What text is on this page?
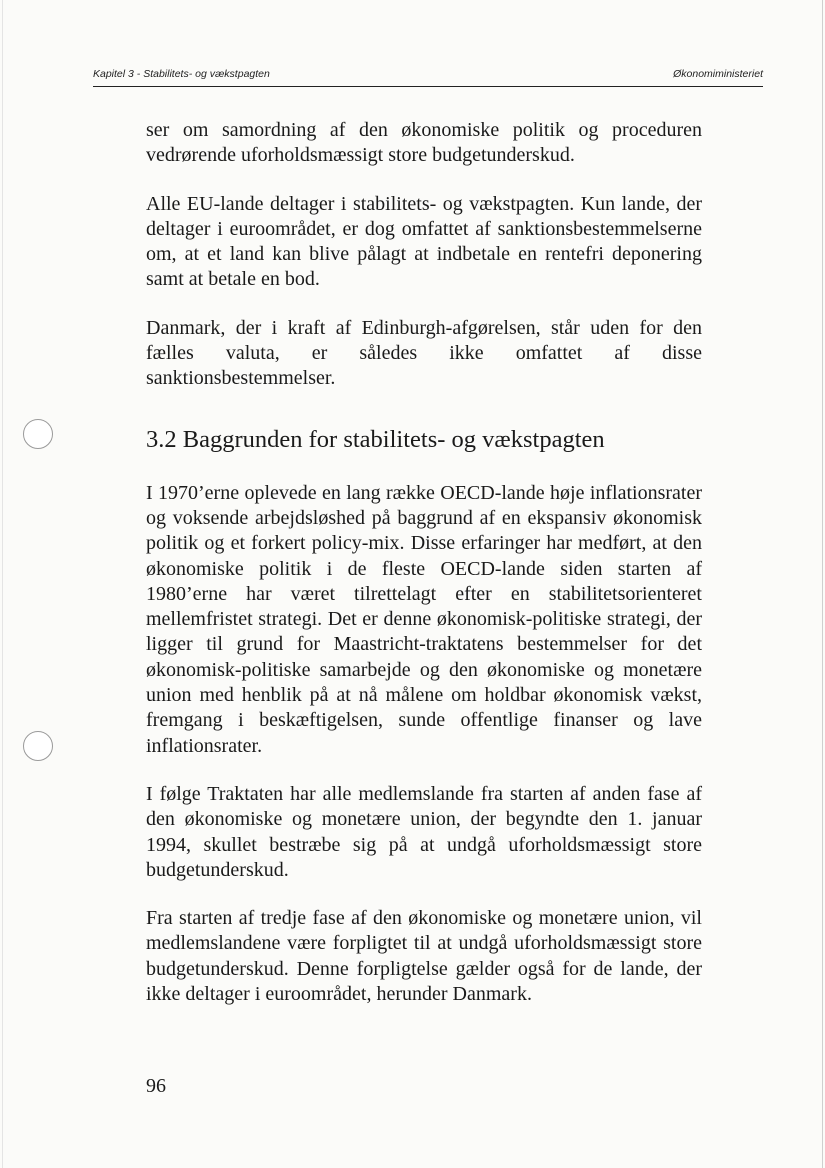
Kapitel 3 - Stabilitets- og vækstpagten	Økonomiministeriet

ser om samordning af den økonomiske politik og proceduren vedrørende uforholdsmæssigt store budgetunderskud.

Alle EU-lande deltager i stabilitets- og vækstpagten. Kun lande, der deltager i euroområdet, er dog omfattet af sanktionsbestemmelserne om, at et land kan blive pålagt at indbetale en rentefri deponering samt at betale en bod.

Danmark, der i kraft af Edinburgh-afgørelsen, står uden for den fælles valuta, er således ikke omfattet af disse sanktionsbestemmelser.

3.2 Baggrunden for stabilitets- og vækstpagten

I 1970’erne oplevede en lang række OECD-lande høje inflationsrater og voksende arbejdsløshed på baggrund af en ekspansiv økonomisk politik og et forkert policy-mix. Disse erfaringer har medført, at den økonomiske politik i de fleste OECD-lande siden starten af 1980’erne har været tilrettelagt efter en stabilitetsorienteret mellemfristet strategi. Det er denne økonomisk-politiske strategi, der ligger til grund for Maastricht-traktatens bestemmelser for det økonomisk-politiske samarbejde og den økonomiske og monetære union med henblik på at nå målene om holdbar økonomisk vækst, fremgang i beskæftigelsen, sunde offentlige finanser og lave inflationsrater.

I følge Traktaten har alle medlemslande fra starten af anden fase af den økonomiske og monetære union, der begyndte den 1. januar 1994, skullet bestræbe sig på at undgå uforholdsmæssigt store budgetunderskud.

Fra starten af tredje fase af den økonomiske og monetære union, vil medlemslandene være forpligtet til at undgå uforholdsmæssigt store budgetunderskud. Denne forpligtelse gælder også for de lande, der ikke deltager i euroområdet, herunder Danmark.

96
